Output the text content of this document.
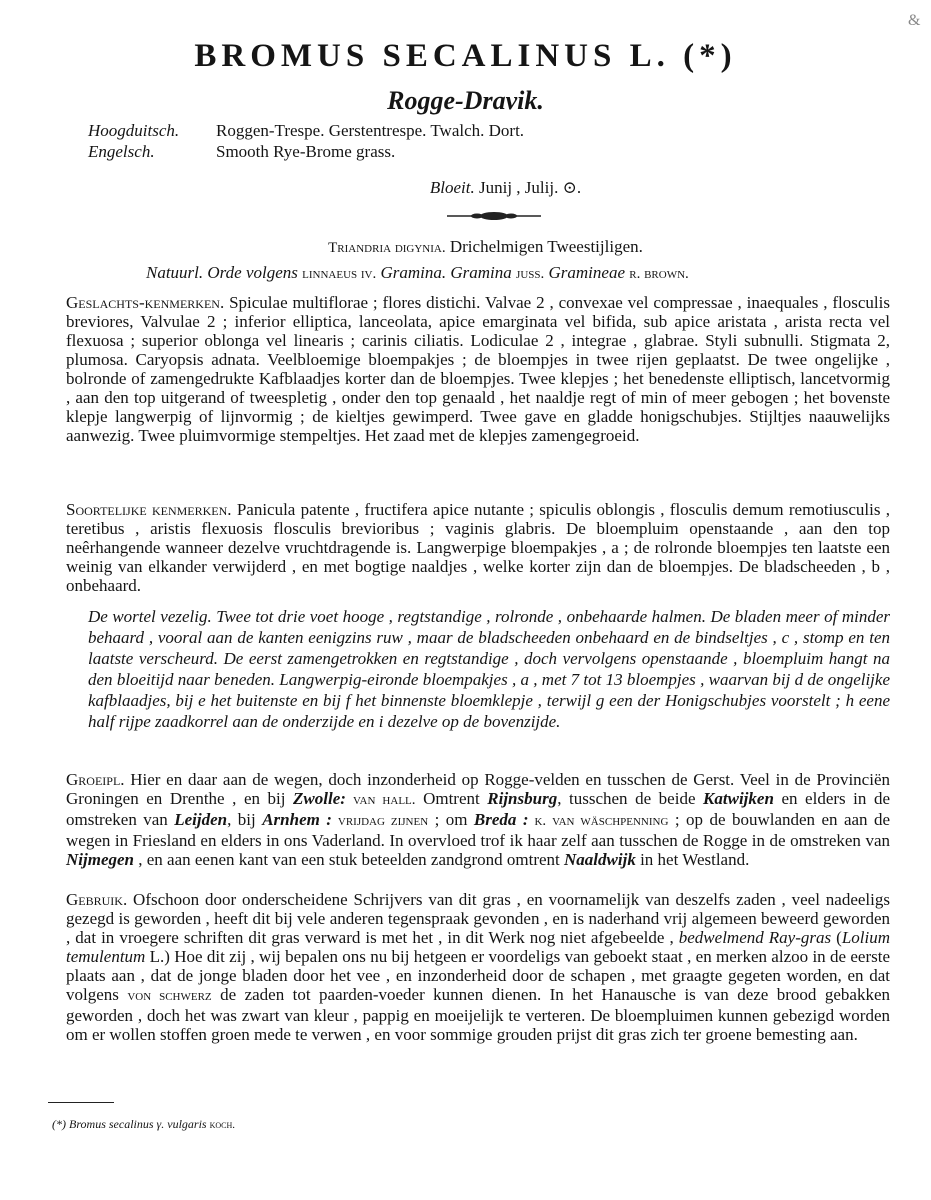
&
BROMUS SECALINUS L. (*)
Rogge-Dravik.
Hoogduitsch. Roggen-Trespe. Gerstentrespe. Twalch. Dort.
Engelsch.	Smooth Rye-Brome grass.
Bloeit. Junij , Julij. ⊙.
Triandria digynia. Drichelmigen Tweestijligen.
Natuurl. Orde volgens linnaeus iv. Gramina. Gramina juss. Gramineae r. brown.

Geslachts-kenmerken. Spiculae multiflorae ; flores distichi. Valvae 2 , convexae vel compressae , inaequales , flosculis breviores, Valvulae 2 ; inferior elliptica, lanceolata, apice emarginata vel bifida, sub apice aristata , arista recta vel flexuosa ; superior oblonga vel linearis ; carinis ciliatis. Lodiculae 2 , integrae , glabrae. Styli subnulli. Stigmata 2, plumosa. Caryopsis adnata. Veelbloemige bloempakjes ; de bloempjes in twee rijen geplaatst. De twee ongelijke , bolronde of zamengedrukte Kafblaadjes korter dan de bloempjes. Twee klepjes ; het benedenste elliptisch, lancetvormig , aan den top uitgerand of tweespletig , onder den top genaald , het naaldje regt of min of meer gebogen ; het bovenste klepje langwerpig of lijnvormig ; de kieltjes gewimperd. Twee gave en gladde honigschubjes. Stijltjes naauwelijks aanwezig. Twee pluimvormige stempeltjes. Het zaad met de klepjes zamengegroeid.

Soortelijke kenmerken. Panicula patente , fructifera apice nutante ; spiculis oblongis , flosculis demum remotiusculis , teretibus , aristis flexuosis flosculis brevioribus ; vaginis glabris. De bloempluim openstaande , aan den top neêrhangende wanneer dezelve vruchtdragende is. Langwerpige bloempakjes , a ; de rolronde bloempjes ten laatste een weinig van elkander verwijderd , en met bogtige naaldjes , welke korter zijn dan de bloempjes. De bladscheeden , b , onbehaard.

De wortel vezelig. Twee tot drie voet hooge , regtstandige , rolronde , onbehaarde halmen. De bladen meer of minder behaard , vooral aan de kanten eenigzins ruw , maar de bladscheeden onbehaard en de bindseltjes , c , stomp en ten laatste verscheurd. De eerst zamengetrokken en regtstandige , doch vervolgens openstaande , bloempluim hangt na den bloeitijd naar beneden. Langwerpig-eironde bloempakjes , a , met 7 tot 13 bloempjes , waarvan bij d de ongelijke kafblaadjes, bij e het buitenste en bij f het binnenste bloemklepje , terwijl g een der Honigschubjes voorstelt ; h eene half rijpe zaadkorrel aan de onderzijde en i dezelve op de bovenzijde.

Groeipl. Hier en daar aan de wegen, doch inzonderheid op Rogge-velden en tusschen de Gerst. Veel in de Provinciën Groningen en Drenthe , en bij Zwolle: van hall. Omtrent Rijnsburg, tusschen de beide Katwijken en elders in de omstreken van Leijden, bij Arnhem : vrijdag zijnen ; om Breda : k. van wäschpenning ; op de bouwlanden en aan de wegen in Friesland en elders in ons Vaderland. In overvloed trof ik haar zelf aan tusschen de Rogge in de omstreken van Nijmegen , en aan eenen kant van een stuk beteelden zandgrond omtrent Naaldwijk in het Westland.

Gebruik. Ofschoon door onderscheidene Schrijvers van dit gras , en voornamelijk van deszelfs zaden , veel nadeeligs gezegd is geworden , heeft dit bij vele anderen tegenspraak gevonden , en is naderhand vrij algemeen beweerd geworden , dat in vroegere schriften dit gras verward is met het , in dit Werk nog niet afgebeelde , bedwelmend Ray-gras (Lolium temulentum L.) Hoe dit zij , wij bepalen ons nu bij hetgeen er voordeligs van geboekt staat , en merken alzoo in de eerste plaats aan , dat de jonge bladen door het vee , en inzonderheid door de schapen , met graagte gegeten worden, en dat volgens von schwerz de zaden tot paarden-voeder kunnen dienen. In het Hanausche is van deze brood gebakken geworden , doch het was zwart van kleur , pappig en moeijelijk te verteren. De bloempluimen kunnen gebezigd worden om er wollen stoffen groen mede te verwen , en voor sommige grouden prijst dit gras zich ter groene bemesting aan.

(*) Bromus secalinus γ. vulgaris koch.
